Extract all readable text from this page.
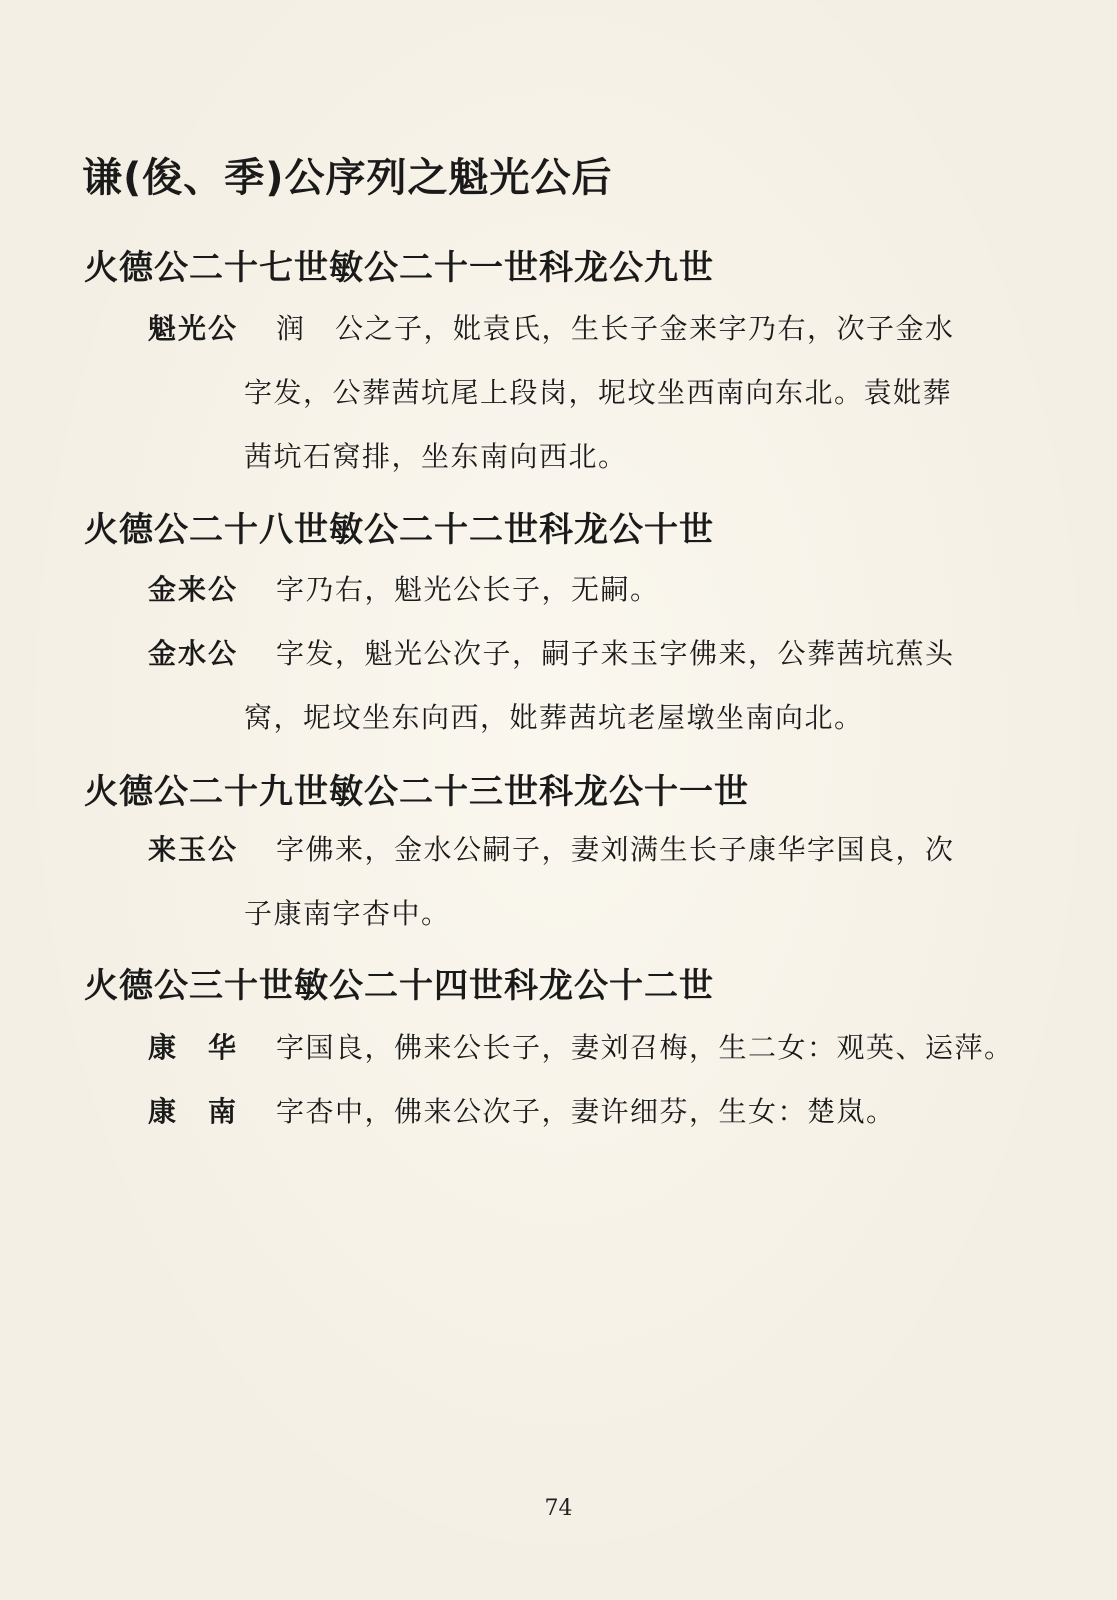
谦(俊、季)公序列之魁光公后
火德公二十七世敏公二十一世科龙公九世
魁光公	润　公之子，妣袁氏，生长子金来字乃右，次子金水
字发，公葬茜坑尾上段岗，坭坟坐西南向东北。袁妣葬
茜坑石窝排，坐东南向西北。
火德公二十八世敏公二十二世科龙公十世
金来公	字乃右，魁光公长子，无嗣。
金水公	字发，魁光公次子，嗣子来玉字佛来，公葬茜坑蕉头
窝，坭坟坐东向西，妣葬茜坑老屋墩坐南向北。
火德公二十九世敏公二十三世科龙公十一世
来玉公	字佛来，金水公嗣子，妻刘满生长子康华字国良，次
子康南字杏中。
火德公三十世敏公二十四世科龙公十二世
康　华	字国良，佛来公长子，妻刘召梅，生二女：观英、运萍。
康　南	字杏中，佛来公次子，妻许细芬，生女：楚岚。
74
